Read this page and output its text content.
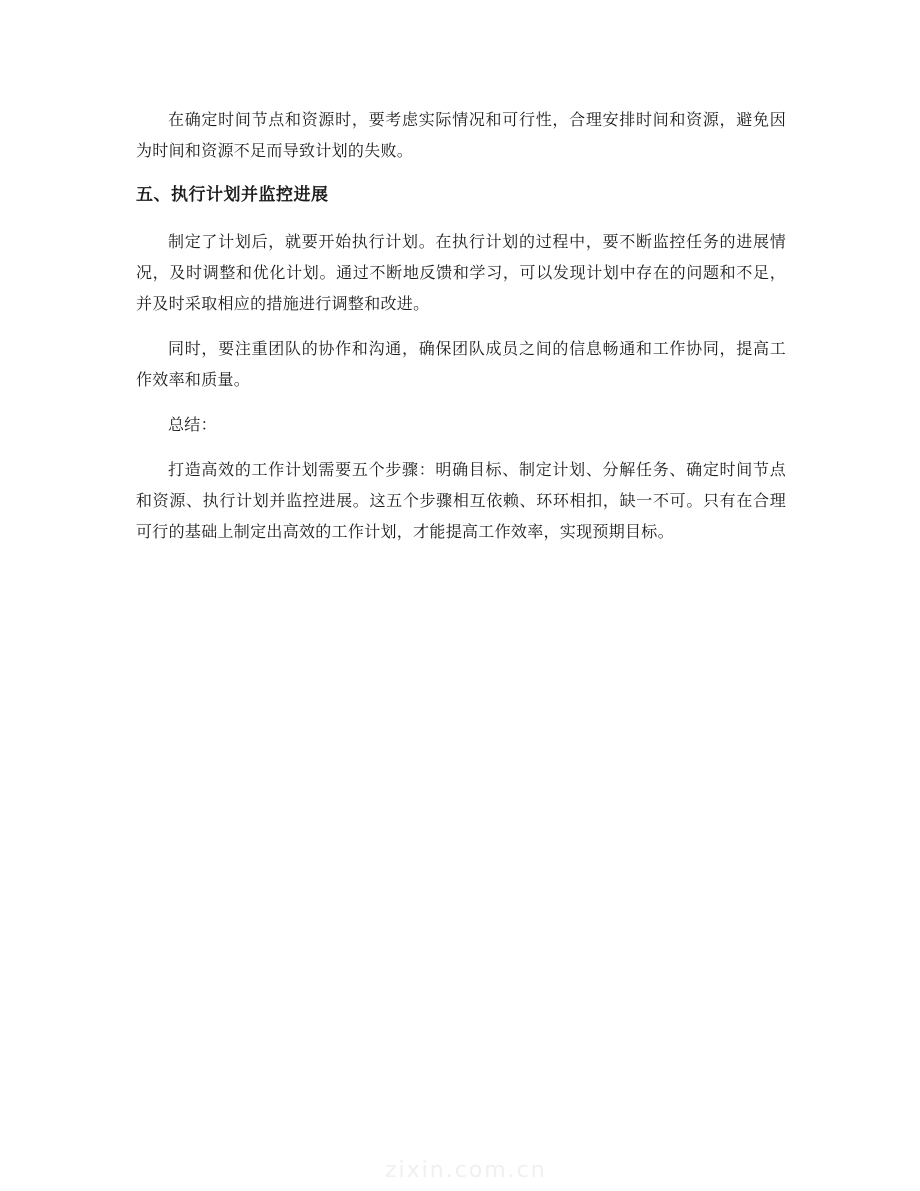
在确定时间节点和资源时，要考虑实际情况和可行性，合理安排时间和资源，避免因为时间和资源不足而导致计划的失败。

五、执行计划并监控进展

制定了计划后，就要开始执行计划。在执行计划的过程中，要不断监控任务的进展情况，及时调整和优化计划。通过不断地反馈和学习，可以发现计划中存在的问题和不足，并及时采取相应的措施进行调整和改进。

同时，要注重团队的协作和沟通，确保团队成员之间的信息畅通和工作协同，提高工作效率和质量。

总结：

打造高效的工作计划需要五个步骤：明确目标、制定计划、分解任务、确定时间节点和资源、执行计划并监控进展。这五个步骤相互依赖、环环相扣，缺一不可。只有在合理可行的基础上制定出高效的工作计划，才能提高工作效率，实现预期目标。

zixin.com.cn
